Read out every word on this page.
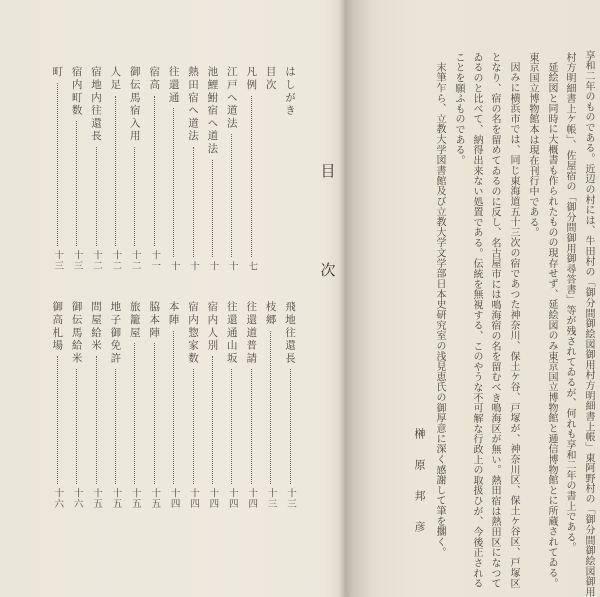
目
次
はしがき
目次
凡例
七
江戸へ道法
十
池鯉鮒宿へ道法
十
熱田宿へ道法
十
往還通
十
宿高
十一
御伝馬宿入用
十二
人足
十二
宿地内往還長
十二
宿内町数
十三
町
十三
飛地往還長
十三
枝郷
十三
往還道普請
十四
往還通山坂
十四
宿内人別
十四
宿内惣家数
十四
本陣
十四
脇本陣
十五
旅籠屋
十五
地子御免許
十五
問屋給米
十五
御伝馬給米
十六
御高札場
十六	享和二年のものである。近辺の村には、牛田村の「御分間御絵図御用村方明細書上帳」東阿野村の「御分間御絵図御用
村方明細書上ケ帳」、佐屋宿の「御分間御用御尋答書」等が残されてゐるが、何れも享和二年の書上である。
延絵図と同時に大概書も作られたものの現存せず、延絵図のみ東京国立博物館と逓信博物館とに所蔵されてゐる。
東京国立博物館本は現在刊行中である。
因みに横浜市では、同じ東海道五十三次の宿であつた神奈川、保土ケ谷、戸塚が、神奈川区、保土ケ谷区、戸塚区
となり、宿の名を留めてゐるのに反し、名古屋市には鳴海宿の名を留むべき鳴海区が無い。熱田宿は熱田区になつて
ゐるのと比べて、納得出来ない処置である。伝統を無視する、このやうな不可解な行政上の取扱ひが、今後正される
ことを願ふものである。
末筆乍ら、立教大学図書館及び立教大学文学部日本史研究室の浅見恵氏の御厚意に深く感謝して筆を擱く。
榊原邦彦
